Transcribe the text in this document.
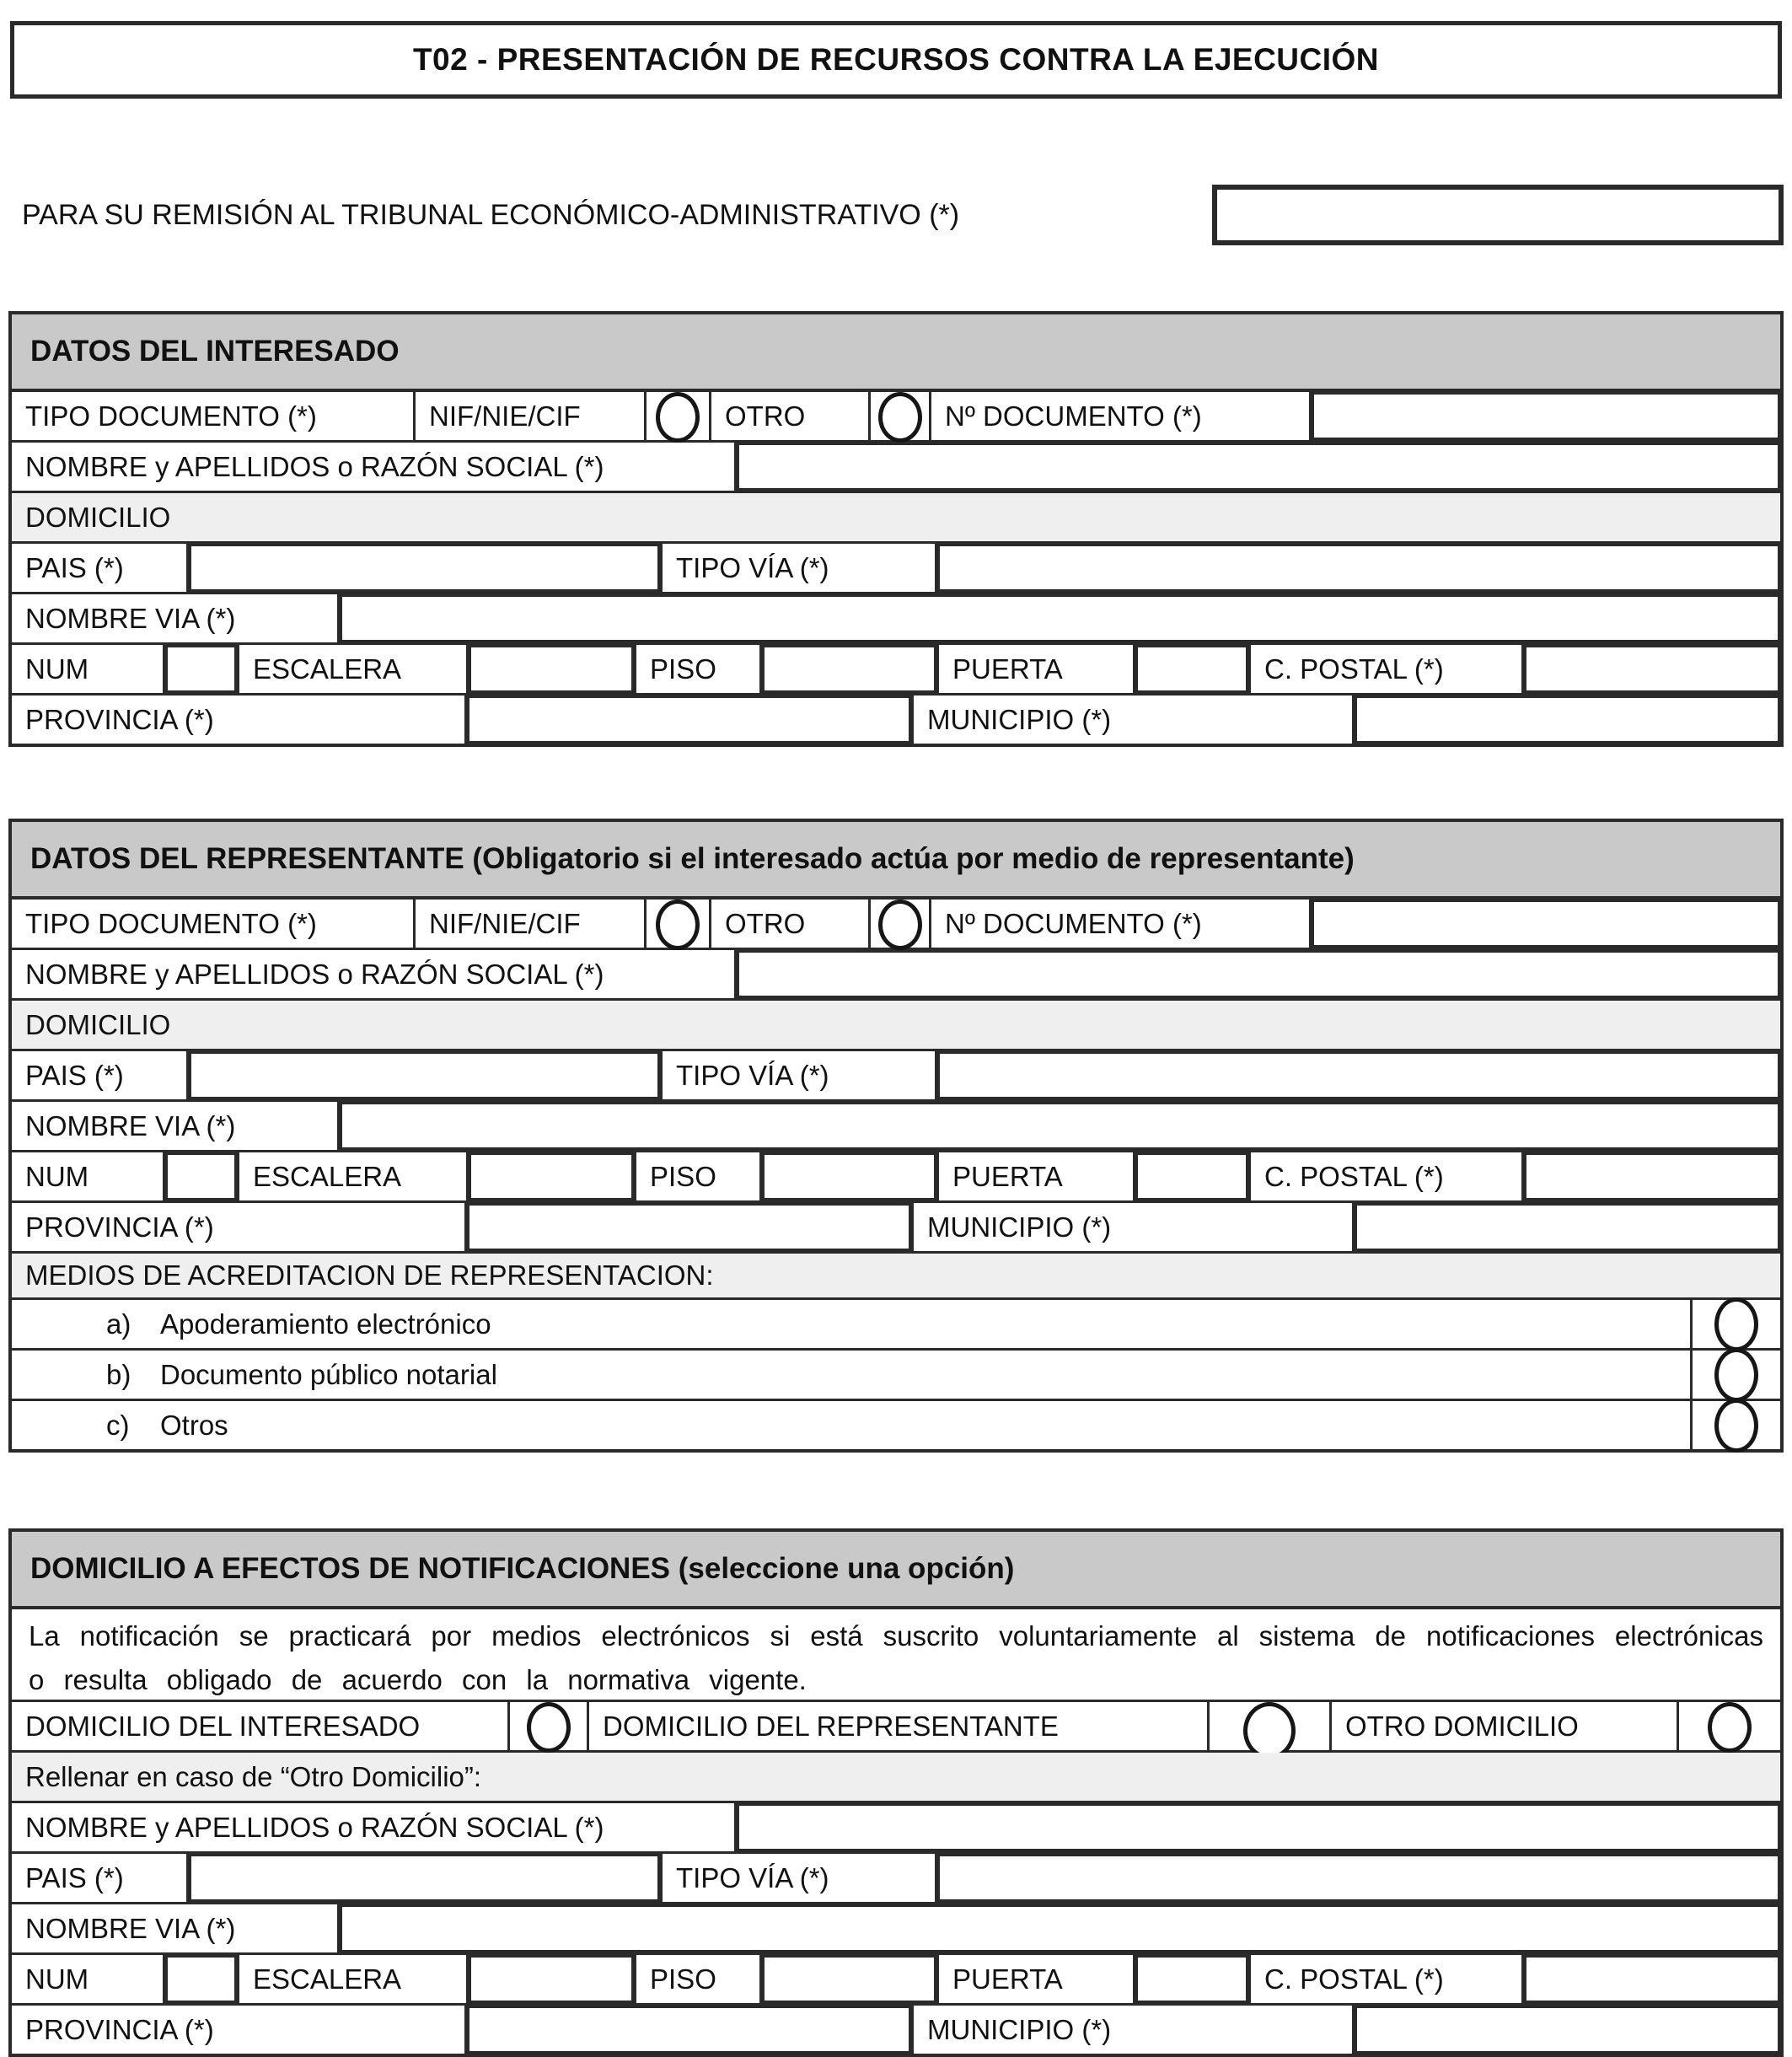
T02 - PRESENTACIÓN DE RECURSOS CONTRA LA EJECUCIÓN
PARA SU REMISIÓN AL TRIBUNAL ECONÓMICO-ADMINISTRATIVO (*)
DATOS DEL INTERESADO
TIPO DOCUMENTO (*)	NIF/NIE/CIF	OTRO	Nº DOCUMENTO (*)
NOMBRE y APELLIDOS o RAZÓN SOCIAL (*)
DOMICILIO
PAIS (*)	TIPO VÍA (*)
NOMBRE VIA (*)
NUM	ESCALERA	PISO	PUERTA	C. POSTAL (*)
PROVINCIA (*)	MUNICIPIO (*)
DATOS DEL REPRESENTANTE (Obligatorio si el interesado actúa por medio de representante)
TIPO DOCUMENTO (*)	NIF/NIE/CIF	OTRO	Nº DOCUMENTO (*)
NOMBRE y APELLIDOS o RAZÓN SOCIAL (*)
DOMICILIO
PAIS (*)	TIPO VÍA (*)
NOMBRE VIA (*)
NUM	ESCALERA	PISO	PUERTA	C. POSTAL (*)
PROVINCIA (*)	MUNICIPIO (*)
MEDIOS DE ACREDITACION DE REPRESENTACION:
a)	Apoderamiento electrónico
b)	Documento público notarial
c)	Otros
DOMICILIO A EFECTOS DE NOTIFICACIONES (seleccione una opción)
La notificación se practicará por medios electrónicos si está suscrito voluntariamente al sistema de notificaciones electrónicas o resulta obligado de acuerdo con la normativa vigente.
DOMICILIO DEL INTERESADO	DOMICILIO DEL REPRESENTANTE	OTRO DOMICILIO
Rellenar en caso de “Otro Domicilio”:
NOMBRE y APELLIDOS o RAZÓN SOCIAL (*)
PAIS (*)	TIPO VÍA (*)
NOMBRE VIA (*)
NUM	ESCALERA	PISO	PUERTA	C. POSTAL (*)
PROVINCIA (*)	MUNICIPIO (*)
